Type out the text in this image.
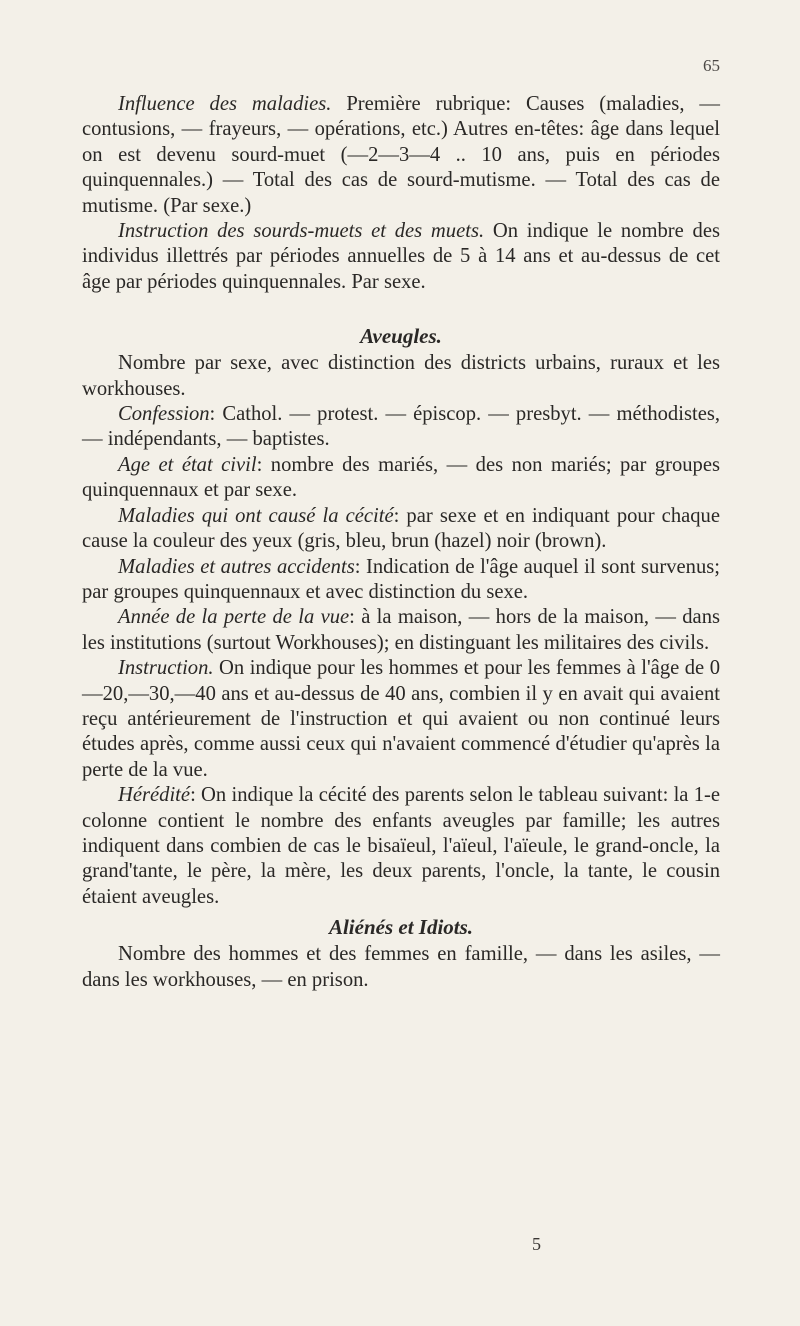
65

Influence des maladies. Première rubrique: Causes (maladies, — contusions, — frayeurs, — opérations, etc.) Autres en-têtes: âge dans lequel on est devenu sourd-muet (—2—3—4 .. 10 ans, puis en périodes quinquennales.) — Total des cas de sourd-mutisme. — Total des cas de mutisme. (Par sexe.)

Instruction des sourds-muets et des muets. On indique le nombre des individus illettrés par périodes annuelles de 5 à 14 ans et au-dessus de cet âge par périodes quinquennales. Par sexe.

Aveugles.

Nombre par sexe, avec distinction des districts urbains, ruraux et les workhouses.

Confession: Cathol. — protest. — épiscop. — presbyt. — méthodistes, — indépendants, — baptistes.

Age et état civil: nombre des mariés, — des non mariés; par groupes quinquennaux et par sexe.

Maladies qui ont causé la cécité: par sexe et en indiquant pour chaque cause la couleur des yeux (gris, bleu, brun (hazel) noir (brown).

Maladies et autres accidents: Indication de l'âge auquel il sont survenus; par groupes quinquennaux et avec distinction du sexe.

Année de la perte de la vue: à la maison, — hors de la maison, — dans les institutions (surtout Workhouses); en distinguant les militaires des civils.

Instruction. On indique pour les hommes et pour les femmes à l'âge de 0—20,—30,—40 ans et au-dessus de 40 ans, combien il y en avait qui avaient reçu antérieurement de l'instruction et qui avaient ou non continué leurs études après, comme aussi ceux qui n'avaient commencé d'étudier qu'après la perte de la vue.

Hérédité: On indique la cécité des parents selon le tableau suivant: la 1-e colonne contient le nombre des enfants aveugles par famille; les autres indiquent dans combien de cas le bisaïeul, l'aïeul, l'aïeule, le grand-oncle, la grand'tante, le père, la mère, les deux parents, l'oncle, la tante, le cousin étaient aveugles.

Aliénés et Idiots.

Nombre des hommes et des femmes en famille, — dans les asiles, — dans les workhouses, — en prison.

5
